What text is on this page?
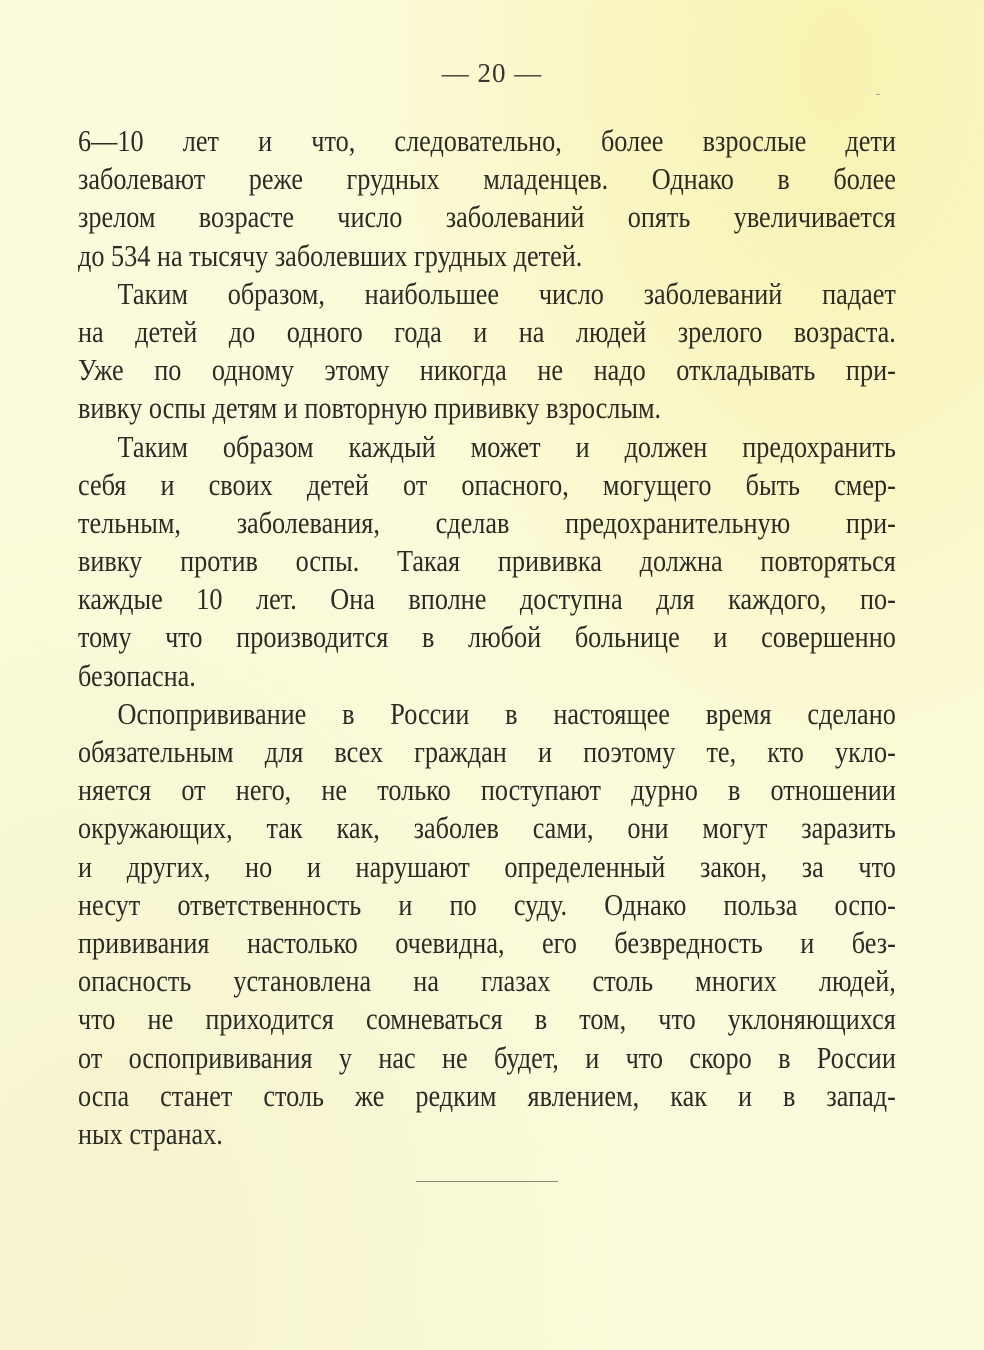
— 20 —
6—10 лет и что, следовательно, более взрослые дети
заболевают реже грудных младенцев. Однако в более
зрелом возрасте число заболеваний опять увеличивается
до 534 на тысячу заболевших грудных детей.
Таким образом, наибольшее число заболеваний падает
на детей до одного года и на людей зрелого возраста.
Уже по одному этому никогда не надо откладывать при-
вивку оспы детям и повторную прививку взрослым.
Таким образом каждый может и должен предохранить
себя и своих детей от опасного, могущего быть смер-
тельным, заболевания, сделав предохранительную при-
вивку против оспы. Такая прививка должна повторяться
каждые 10 лет. Она вполне доступна для каждого, по-
тому что производится в любой больнице и совершенно
безопасна.
Оспопрививание в России в настоящее время сделано
обязательным для всех граждан и поэтому те, кто укло-
няется от него, не только поступают дурно в отношении
окружающих, так как, заболев сами, они могут заразить
и других, но и нарушают определенный закон, за что
несут ответственность и по суду. Однако польза оспо-
прививания настолько очевидна, его безвредность и без-
опасность установлена на глазах столь многих людей,
что не приходится сомневаться в том, что уклоняющихся
от оспопрививания у нас не будет, и что скоро в России
оспа станет столь же редким явлением, как и в запад-
ных странах.
